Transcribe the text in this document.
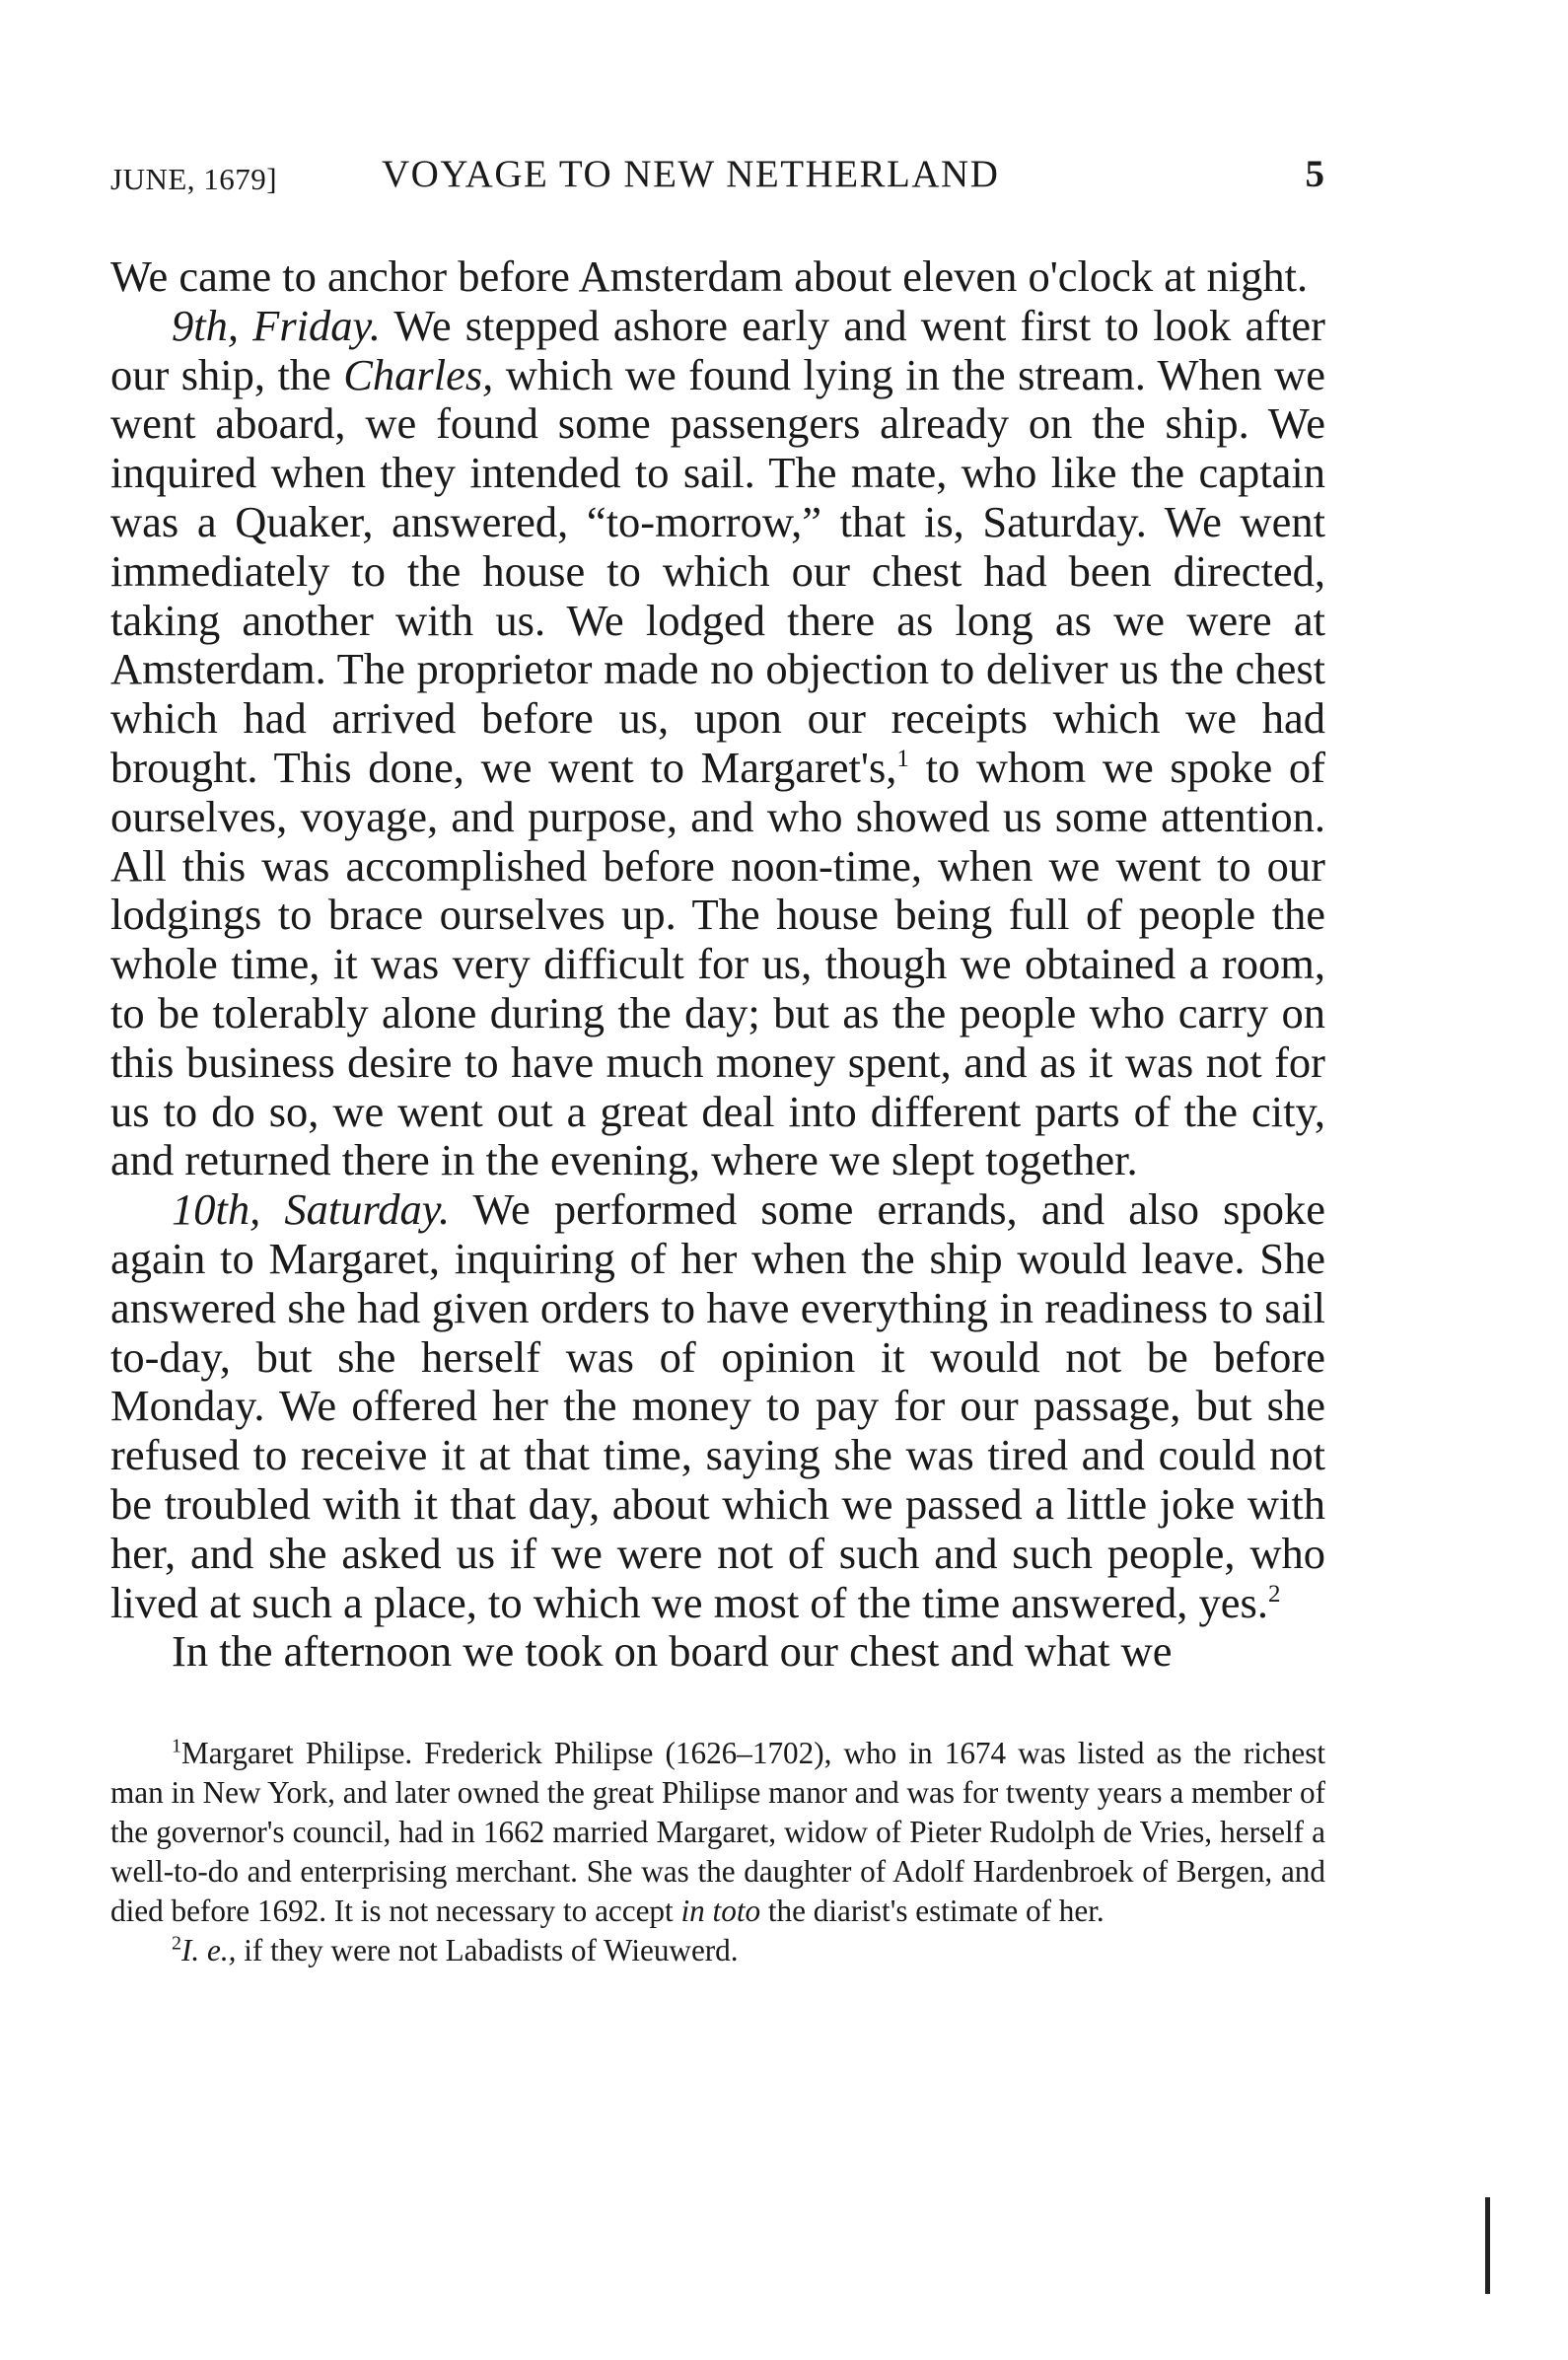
JUNE, 1679]	VOYAGE TO NEW NETHERLAND	5

We came to anchor before Amsterdam about eleven o'clock at night.

9th, Friday. We stepped ashore early and went first to look after our ship, the Charles, which we found lying in the stream. When we went aboard, we found some passengers already on the ship. We inquired when they intended to sail. The mate, who like the captain was a Quaker, answered, “to-morrow,” that is, Saturday. We went immediately to the house to which our chest had been directed, taking another with us. We lodged there as long as we were at Amsterdam. The proprietor made no objection to deliver us the chest which had arrived before us, upon our receipts which we had brought. This done, we went to Margaret's,$^1$ to whom we spoke of ourselves, voyage, and purpose, and who showed us some attention. All this was accomplished before noon-time, when we went to our lodgings to brace ourselves up. The house being full of people the whole time, it was very difficult for us, though we obtained a room, to be tolerably alone during the day; but as the people who carry on this business desire to have much money spent, and as it was not for us to do so, we went out a great deal into different parts of the city, and returned there in the evening, where we slept together.

10th, Saturday. We performed some errands, and also spoke again to Margaret, inquiring of her when the ship would leave. She answered she had given orders to have everything in readiness to sail to-day, but she herself was of opinion it would not be before Monday. We offered her the money to pay for our passage, but she refused to receive it at that time, saying she was tired and could not be troubled with it that day, about which we passed a little joke with her, and she asked us if we were not of such and such people, who lived at such a place, to which we most of the time answered, yes.$^2$

In the afternoon we took on board our chest and what we

$^1$Margaret Philipse. Frederick Philipse (1626–1702), who in 1674 was listed as the richest man in New York, and later owned the great Philipse manor and was for twenty years a member of the governor's council, had in 1662 married Margaret, widow of Pieter Rudolph de Vries, herself a well-to-do and enterprising merchant. She was the daughter of Adolf Hardenbroek of Bergen, and died before 1692. It is not necessary to accept in toto the diarist's estimate of her.

$^2$I. e., if they were not Labadists of Wieuwerd.
